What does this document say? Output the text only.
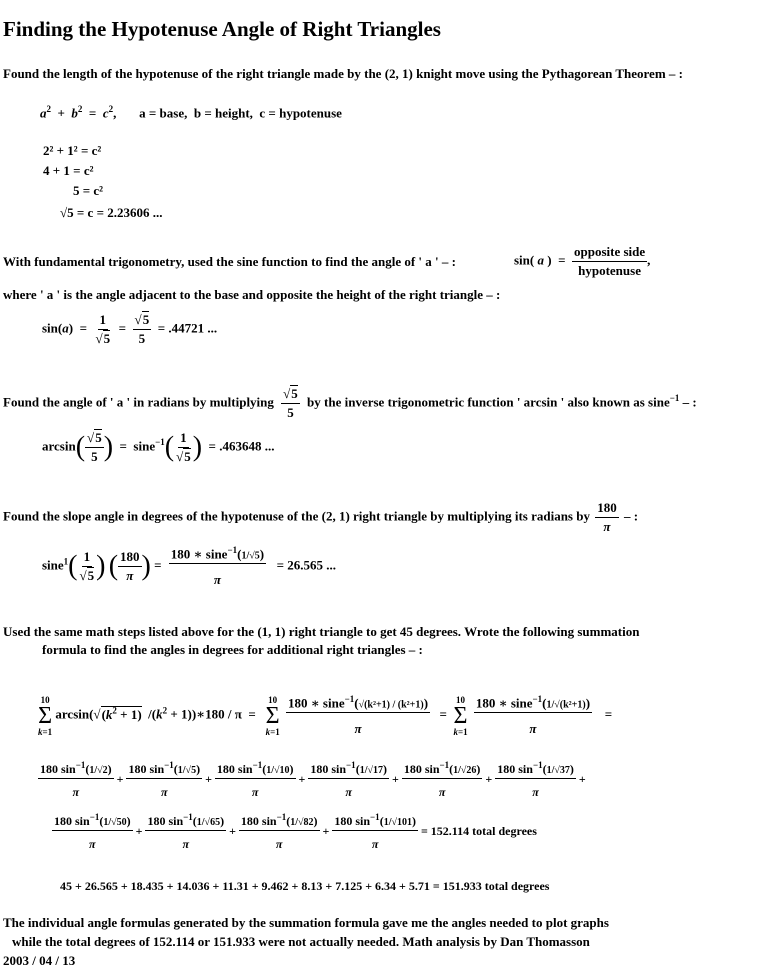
Finding the Hypotenuse Angle of Right Triangles
Found the length of the hypotenuse of the right triangle made by the (2, 1) knight move using the Pythagorean Theorem – :
$a^2 + b^2 = c^2$,       a = base, b = height, c = hypotenuse
2² + 1² = c²
4 + 1 = c²
5 = c²
√5 = c = 2.23606 ...
With fundamental trigonometry, used the sine function to find the angle of ' a ' – :	sin( a )  = $\frac{\text{opposite side}}{\text{hypotenuse}}$ ,
where ' a ' is the angle adjacent to the base and opposite the height of the right triangle – :
$\sin(a) = \frac{1}{√5} = \frac{√5}{5} = .44721$ ...
Found the angle of ' a ' in radians by multiplying $\frac{√5}{5}$ by the inverse trigonometric function ' arcsin ' also known as sine$^{-1}$ – :
$\arcsin( \frac{√5}{5}$ )  =  $\sin e^{-1}( \frac{1}{√5}$ ) = .463648 ...
Found the slope angle in degrees of the hypotenuse of the (2, 1) right triangle by multiplying its radians by $\frac{180}{\pi}$ – :
$\sin e^1( \frac{1}{√5}$ ) ( $\frac{180}{\pi}$ ) = $\frac{180 ∗ \sin e^{-1}(1/√5)}{\pi} = 26.565$ ...
Used the same math steps listed above for the (1, 1) right triangle to get 45 degrees. Wrote the following summation
formula to find the angles in degrees for additional right triangles – :
10
Σ
k=1
$\arcsin(√(k^2 + 1) /(k^2$ + 1))∗180 / π  =
10
Σ
k=1
$\frac{180 ∗ \sin e^{-1}(√(k^2+1) / (k^2+1))}{\pi}$ =
10
Σ
k=1
$\frac{180 ∗ \sin e^{-1}(1/√(k^2+1))}{\pi}$ =
$\frac{180 \sin^{-1}(1/√2)}{\pi} + \frac{180 \sin^{-1}(1/√5)}{\pi} + \frac{180 \sin^{-1}(1/√10)}{\pi} + \frac{180 \sin^{-1}(1/√17)}{\pi} + \frac{180 \sin^{-1}(1/√26)}{\pi} + \frac{180 \sin^{-1}(1/√37)}{\pi}$ +
$\frac{180 \sin^{-1}(1/√50)}{\pi} + \frac{180 \sin^{-1}(1/√65)}{\pi} + \frac{180 \sin^{-1}(1/√82)}{\pi} + \frac{180 \sin^{-1}(1/√101)}{\pi} = 152.114$ total degrees
45 + 26.565 + 18.435 + 14.036 + 11.31 + 9.462 + 8.13 + 7.125 + 6.34 + 5.71 = 151.933 total degrees
The individual angle formulas generated by the summation formula gave me the angles needed to plot graphs
while the total degrees of 152.114 or 151.933 were not actually needed. Math analysis by Dan Thomasson
2003 / 04 / 13
